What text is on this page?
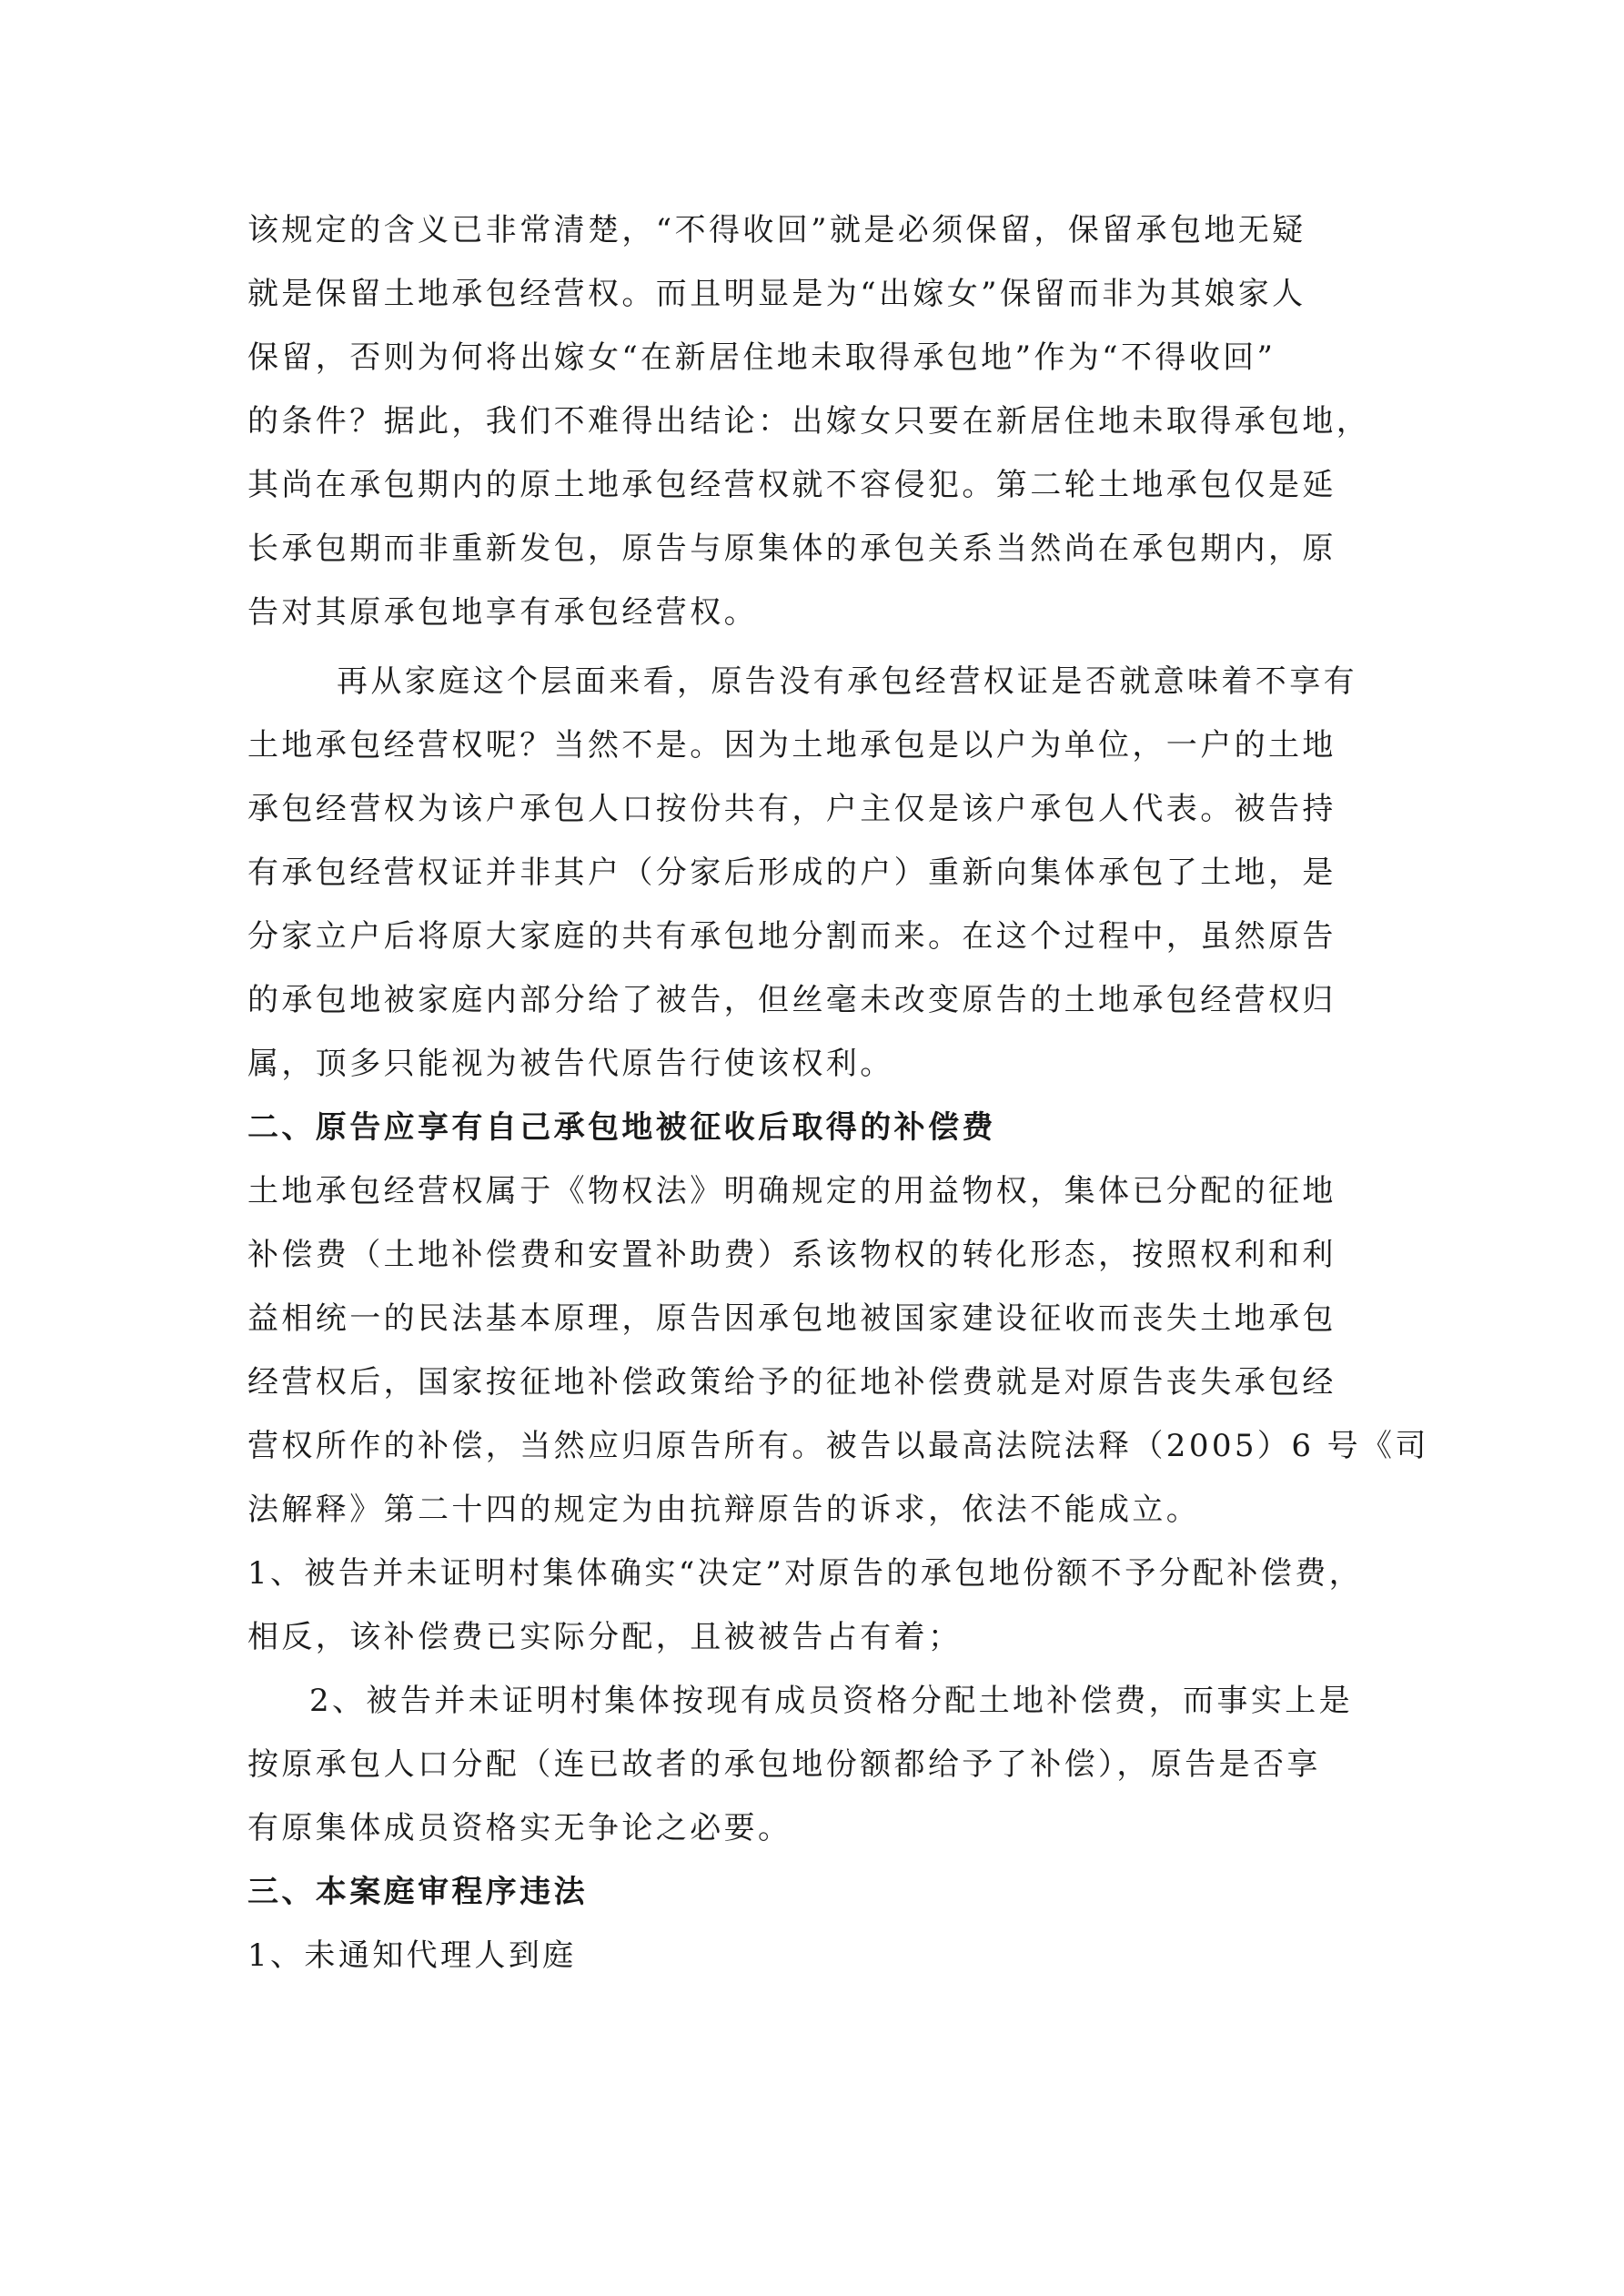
该规定的含义已非常清楚，“不得收回”就是必须保留，保留承包地无疑
就是保留土地承包经营权。而且明显是为“出嫁女”保留而非为其娘家人
保留，否则为何将出嫁女“在新居住地未取得承包地”作为“不得收回”
的条件？据此，我们不难得出结论：出嫁女只要在新居住地未取得承包地，
其尚在承包期内的原土地承包经营权就不容侵犯。第二轮土地承包仅是延
长承包期而非重新发包，原告与原集体的承包关系当然尚在承包期内，原
告对其原承包地享有承包经营权。
再从家庭这个层面来看，原告没有承包经营权证是否就意味着不享有
土地承包经营权呢？当然不是。因为土地承包是以户为单位，一户的土地
承包经营权为该户承包人口按份共有，户主仅是该户承包人代表。被告持
有承包经营权证并非其户（分家后形成的户）重新向集体承包了土地，是
分家立户后将原大家庭的共有承包地分割而来。在这个过程中，虽然原告
的承包地被家庭内部分给了被告，但丝毫未改变原告的土地承包经营权归
属，顶多只能视为被告代原告行使该权利。
二、原告应享有自己承包地被征收后取得的补偿费
土地承包经营权属于《物权法》明确规定的用益物权，集体已分配的征地
补偿费（土地补偿费和安置补助费）系该物权的转化形态，按照权利和利
益相统一的民法基本原理，原告因承包地被国家建设征收而丧失土地承包
经营权后，国家按征地补偿政策给予的征地补偿费就是对原告丧失承包经
营权所作的补偿，当然应归原告所有。被告以最高法院法释（2005）6 号《司
法解释》第二十四的规定为由抗辩原告的诉求，依法不能成立。
1、被告并未证明村集体确实“决定”对原告的承包地份额不予分配补偿费，
相反，该补偿费已实际分配，且被被告占有着；
2、被告并未证明村集体按现有成员资格分配土地补偿费，而事实上是
按原承包人口分配（连已故者的承包地份额都给予了补偿），原告是否享
有原集体成员资格实无争论之必要。
三、本案庭审程序违法
1、未通知代理人到庭
